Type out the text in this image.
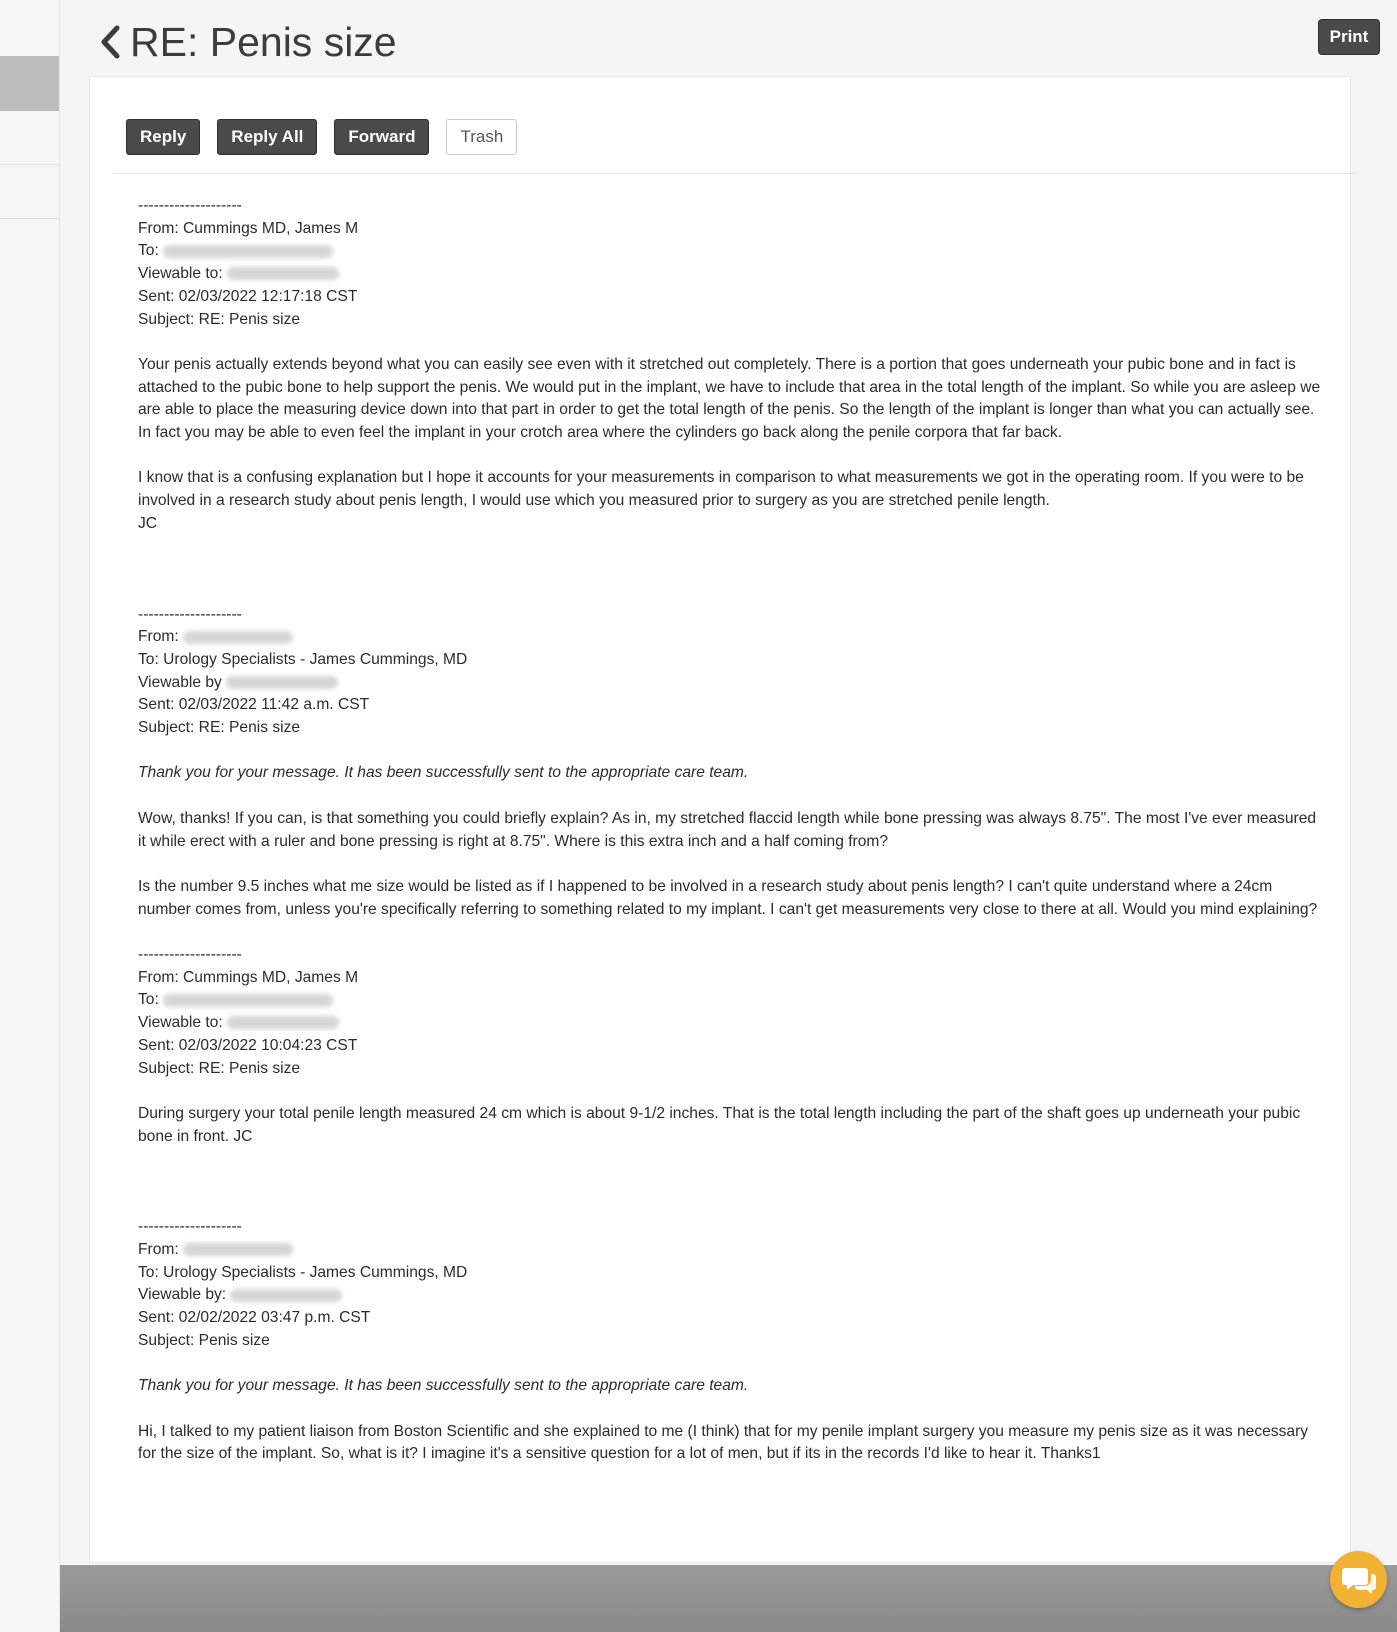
RE: Penis size	Print
Reply	Reply All	Forward	Trash

--------------------

From: Cummings MD, James M

To:

Viewable to:

Sent: 02/03/2022 12:17:18 CST

Subject: RE: Penis size

Your penis actually extends beyond what you can easily see even with it stretched out completely. There is a portion that goes underneath your pubic bone and in fact is attached to the pubic bone to help support the penis. We would put in the implant, we have to include that area in the total length of the implant. So while you are asleep we are able to place the measuring device down into that part in order to get the total length of the penis. So the length of the implant is longer than what you can actually see. In fact you may be able to even feel the implant in your crotch area where the cylinders go back along the penile corpora that far back.

I know that is a confusing explanation but I hope it accounts for your measurements in comparison to what measurements we got in the operating room. If you were to be involved in a research study about penis length, I would use which you measured prior to surgery as you are stretched penile length.
JC

--------------------

From:

To: Urology Specialists - James Cummings, MD

Viewable by

Sent: 02/03/2022 11:42 a.m. CST

Subject: RE: Penis size

Thank you for your message. It has been successfully sent to the appropriate care team.

Wow, thanks! If you can, is that something you could briefly explain? As in, my stretched flaccid length while bone pressing was always 8.75". The most I've ever measured it while erect with a ruler and bone pressing is right at 8.75". Where is this extra inch and a half coming from?

Is the number 9.5 inches what me size would be listed as if I happened to be involved in a research study about penis length? I can't quite understand where a 24cm number comes from, unless you're specifically referring to something related to my implant. I can't get measurements very close to there at all. Would you mind explaining?

--------------------

From: Cummings MD, James M

To:

Viewable to:

Sent: 02/03/2022 10:04:23 CST

Subject: RE: Penis size

During surgery your total penile length measured 24 cm which is about 9-1/2 inches. That is the total length including the part of the shaft goes up underneath your pubic bone in front. JC

--------------------

From:

To: Urology Specialists - James Cummings, MD

Viewable by:

Sent: 02/02/2022 03:47 p.m. CST

Subject: Penis size

Thank you for your message. It has been successfully sent to the appropriate care team.

Hi, I talked to my patient liaison from Boston Scientific and she explained to me (I think) that for my penile implant surgery you measure my penis size as it was necessary for the size of the implant. So, what is it? I imagine it's a sensitive question for a lot of men, but if its in the records I'd like to hear it. Thanks1
